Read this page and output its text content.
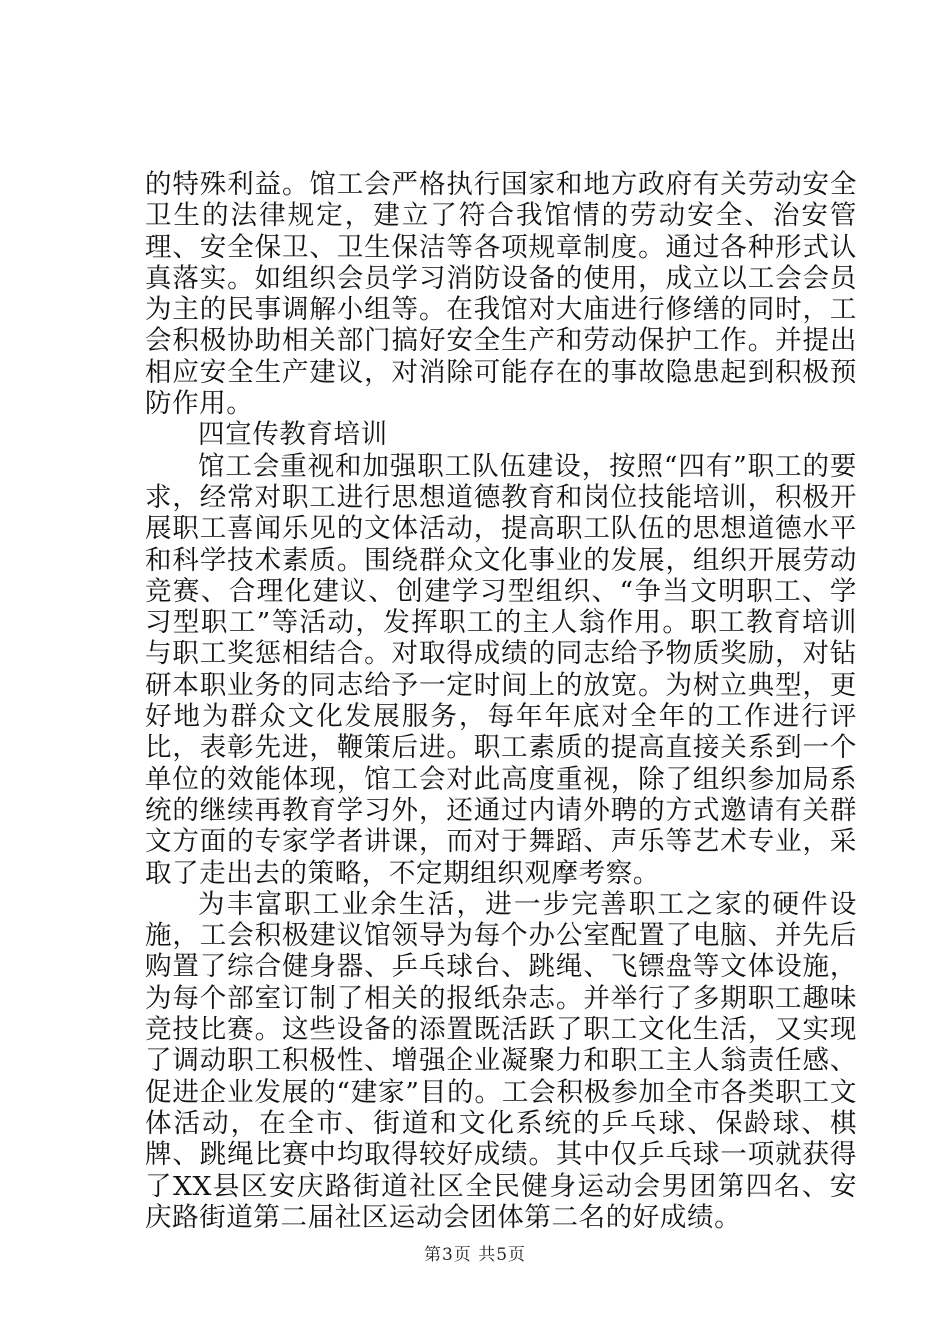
的特殊利益。馆工会严格执行国家和地方政府有关劳动安全卫生的法律规定，建立了符合我馆情的劳动安全、治安管理、安全保卫、卫生保洁等各项规章制度。通过各种形式认真落实。如组织会员学习消防设备的使用，成立以工会会员为主的民事调解小组等。在我馆对大庙进行修缮的同时，工会积极协助相关部门搞好安全生产和劳动保护工作。并提出相应安全生产建议，对消除可能存在的事故隐患起到积极预防作用。

四宣传教育培训

馆工会重视和加强职工队伍建设，按照“四有”职工的要求，经常对职工进行思想道德教育和岗位技能培训，积极开展职工喜闻乐见的文体活动，提高职工队伍的思想道德水平和科学技术素质。围绕群众文化事业的发展，组织开展劳动竞赛、合理化建议、创建学习型组织、“争当文明职工、学习型职工”等活动，发挥职工的主人翁作用。职工教育培训与职工奖惩相结合。对取得成绩的同志给予物质奖励，对钻研本职业务的同志给予一定时间上的放宽。为树立典型，更好地为群众文化发展服务，每年年底对全年的工作进行评比，表彰先进，鞭策后进。职工素质的提高直接关系到一个单位的效能体现，馆工会对此高度重视，除了组织参加局系统的继续再教育学习外，还通过内请外聘的方式邀请有关群文方面的专家学者讲课，而对于舞蹈、声乐等艺术专业，采取了走出去的策略，不定期组织观摩考察。

为丰富职工业余生活，进一步完善职工之家的硬件设施，工会积极建议馆领导为每个办公室配置了电脑、并先后购置了综合健身器、乒乓球台、跳绳、飞镖盘等文体设施，为每个部室订制了相关的报纸杂志。并举行了多期职工趣味竞技比赛。这些设备的添置既活跃了职工文化生活，又实现了调动职工积极性、增强企业凝聚力和职工主人翁责任感、促进企业发展的“建家”目的。工会积极参加全市各类职工文体活动，在全市、街道和文化系统的乒乓球、保龄球、棋牌、跳绳比赛中均取得较好成绩。其中仅乒乓球一项就获得了XX县区安庆路街道社区全民健身运动会男团第四名、安庆路街道第二届社区运动会团体第二名的好成绩。

第3页 共5页
